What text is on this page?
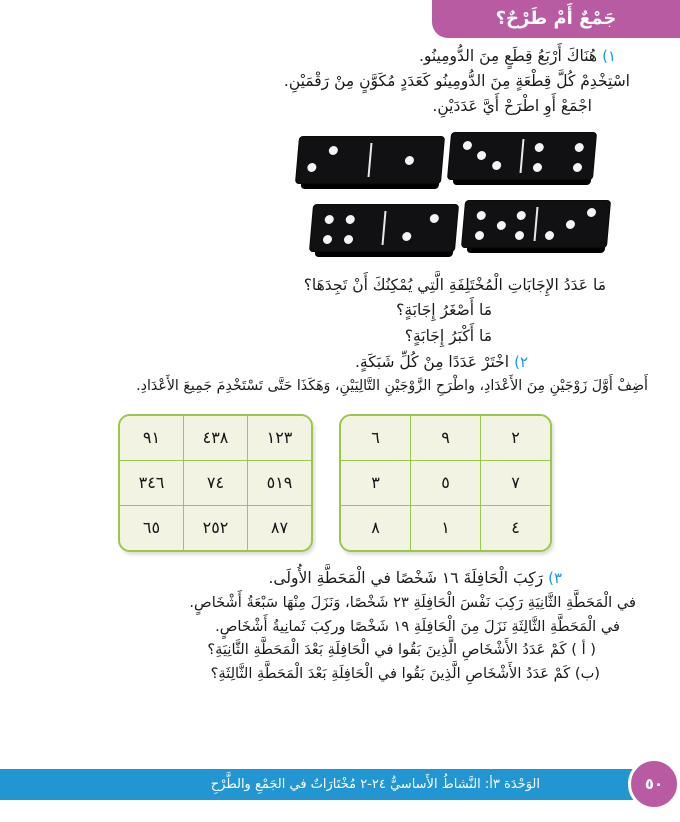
جَمْعٌ أَمْ طَرْحٌ؟
١)
هُنَاكَ أَرْبَعُ قِطَعٍ مِنَ الدُّومِينُو.
اسْتِخْدِمْ كُلَّ قِطْعَةٍ مِنَ الدُّومِينُو كَعَدَدٍ مُكَوَّنٍ مِنْ رَقْمَيْنِ.
اجْمَعْ أَوِ اطْرَحْ أَيَّ عَدَدَيْنِ.
مَا عَدَدُ الإِجَابَاتِ الْمُخْتَلِفَةِ الَّتِي يُمْكِنُكَ أَنْ تَجِدَهَا؟
مَا أَصْغَرُ إِجَابَةٍ؟
مَا أَكْبَرُ إِجَابَةٍ؟
٢)
اخْتَرْ عَدَدًا مِنْ كُلِّ شَبَكَةٍ.
أَضِفْ أَوَّلَ زَوْجَيْنِ مِنَ الأَعْدَادِ، واطْرَحِ الزَّوْجَيْنِ التَّالِيَيْنِ، وَهَكَذَا حَتَّى تَسْتَخْدِمَ جَمِيعَ الأَعْدَادِ.
٢	٩	٦
٧	٥	٣
٤	١	٨
١٢٣	٤٣٨	٩١
٥١٩	٧٤	٣٤٦
٨٧	٢٥٢	٦٥
٣)
رَكِبَ الْحَافِلَةَ ١٦ شَخْصًا في الْمَحَطَّةِ الأُولَى.
في الْمَحَطَّةِ الثَّانِيَةِ رَكِبَ نَفْسَ الْحَافِلَةِ ٢٣ شَخْصًا، وَنَزَلَ مِنْهَا سَبْعَةُ أَشْخَاصٍ.
في الْمَحَطَّةِ الثَّالِثَةِ نَزَلَ مِنَ الْحَافِلَةِ ١٩ شَخْصًا وركِبَ ثَمانِيةُ أَشْخَاصٍ.
( أ ) كَمْ عَدَدُ الأَشْخَاصِ الَّذِينَ بَقُوا في الْحَافِلَةِ بَعْدَ الْمَحَطَّةِ الثَّانِيَةِ؟
(ب) كَمْ عَدَدُ الأَشْخَاصِ الَّذِينَ بَقُوا في الْحَافِلَةِ بَعْدَ الْمَحَطَّةِ الثَّالِثَةِ؟
الوَحْدَة ٣أ: النَّشاطُ الأَساسيُّ ٢٤-٢ مُخْتَارَاتٌ في الجَمْعِ والطَّرْحِ	٥٠
